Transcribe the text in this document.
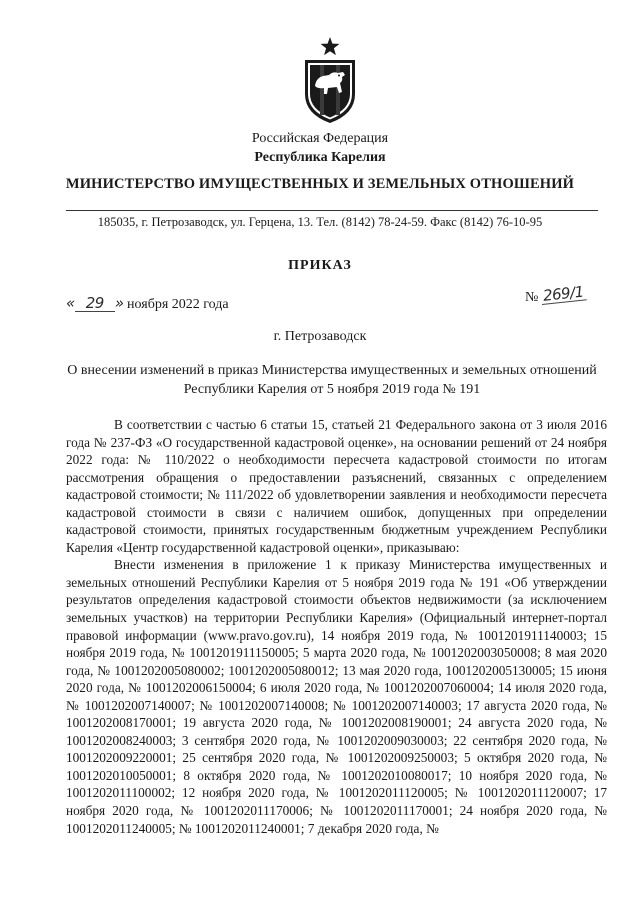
Российская Федерация
Республика Карелия
МИНИСТЕРСТВО ИМУЩЕСТВЕННЫХ И ЗЕМЕЛЬНЫХ ОТНОШЕНИЙ
185035, г. Петрозаводск, ул. Герцена, 13. Тел. (8142) 78-24-59. Факс (8142) 76-10-95
ПРИКАЗ
« 29 » ноября 2022 года	№ 269/1
г. Петрозаводск
О внесении изменений в приказ Министерства имущественных и земельных отношений Республики Карелия от 5 ноября 2019 года № 191

В соответствии с частью 6 статьи 15, статьей 21 Федерального закона от 3 июля 2016 года № 237-ФЗ «О государственной кадастровой оценке», на основании решений от 24 ноября 2022 года: № 110/2022 о необходимости пересчета кадастровой стоимости по итогам рассмотрения обращения о предоставлении разъяснений, связанных с определением кадастровой стоимости; № 111/2022 об удовлетворении заявления и необходимости пересчета кадастровой стоимости в связи с наличием ошибок, допущенных при определении кадастровой стоимости, принятых государственным бюджетным учреждением Республики Карелия «Центр государственной кадастровой оценки», приказываю:

Внести изменения в приложение 1 к приказу Министерства имущественных и земельных отношений Республики Карелия от 5 ноября 2019 года № 191 «Об утверждении результатов определения кадастровой стоимости объектов недвижимости (за исключением земельных участков) на территории Республики Карелия» (Официальный интернет-портал правовой информации (www.pravo.gov.ru), 14 ноября 2019 года, № 1001201911140003; 15 ноября 2019 года, № 1001201911150005; 5 марта 2020 года, № 1001202003050008; 8 мая 2020 года, № 1001202005080002; 1001202005080012; 13 мая 2020 года, 1001202005130005; 15 июня 2020 года, № 1001202006150004; 6 июля 2020 года, № 1001202007060004; 14 июля 2020 года, № 1001202007140007; № 1001202007140008; № 1001202007140003; 17 августа 2020 года, № 1001202008170001; 19 августа 2020 года, № 1001202008190001; 24 августа 2020 года, № 1001202008240003; 3 сентября 2020 года, № 1001202009030003; 22 сентября 2020 года, № 1001202009220001; 25 сентября 2020 года, № 1001202009250003; 5 октября 2020 года, № 1001202010050001; 8 октября 2020 года, № 1001202010080017; 10 ноября 2020 года, № 1001202011100002; 12 ноября 2020 года, № 1001202011120005; № 1001202011120007; 17 ноября 2020 года, № 1001202011170006; № 1001202011170001; 24 ноября 2020 года, № 1001202011240005; № 1001202011240001; 7 декабря 2020 года, №
